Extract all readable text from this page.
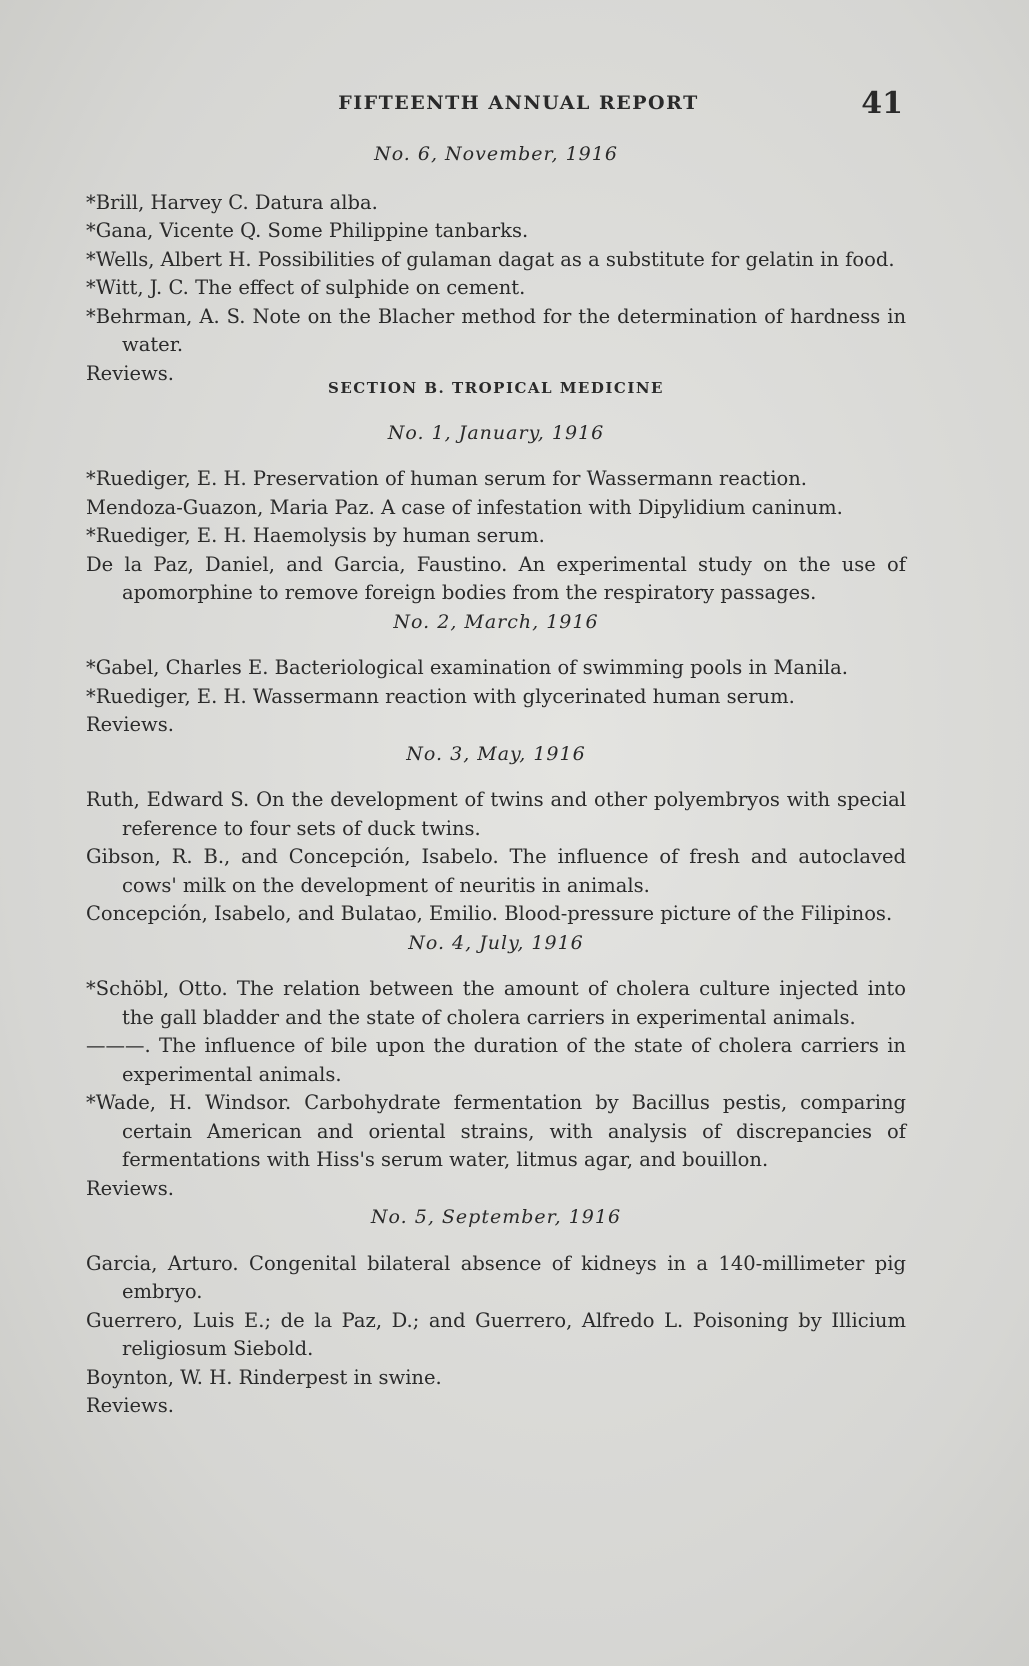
FIFTEENTH ANNUAL REPORT	41

No. 6, November, 1916

*Brill, Harvey C. Datura alba.

*Gana, Vicente Q. Some Philippine tanbarks.

*Wells, Albert H. Possibilities of gulaman dagat as a substitute for gelatin in food.

*Witt, J. C. The effect of sulphide on cement.

*Behrman, A. S. Note on the Blacher method for the determination of hardness in water.

Reviews.

SECTION B. TROPICAL MEDICINE

No. 1, January, 1916

*Ruediger, E. H. Preservation of human serum for Wassermann reaction.

Mendoza-Guazon, Maria Paz. A case of infestation with Dipylidium caninum.

*Ruediger, E. H. Haemolysis by human serum.

De la Paz, Daniel, and Garcia, Faustino. An experimental study on the use of apomorphine to remove foreign bodies from the respiratory passages.

No. 2, March, 1916

*Gabel, Charles E. Bacteriological examination of swimming pools in Manila.

*Ruediger, E. H. Wassermann reaction with glycerinated human serum.

Reviews.

No. 3, May, 1916

Ruth, Edward S. On the development of twins and other polyembryos with special reference to four sets of duck twins.

Gibson, R. B., and Concepción, Isabelo. The influence of fresh and autoclaved cows' milk on the development of neuritis in animals.

Concepción, Isabelo, and Bulatao, Emilio. Blood-pressure picture of the Filipinos.

No. 4, July, 1916

*Schöbl, Otto. The relation between the amount of cholera culture injected into the gall bladder and the state of cholera carriers in experimental animals.

———. The influence of bile upon the duration of the state of cholera carriers in experimental animals.

*Wade, H. Windsor. Carbohydrate fermentation by Bacillus pestis, comparing certain American and oriental strains, with analysis of discrepancies of fermentations with Hiss's serum water, litmus agar, and bouillon.

Reviews.

No. 5, September, 1916

Garcia, Arturo. Congenital bilateral absence of kidneys in a 140-millimeter pig embryo.

Guerrero, Luis E.; de la Paz, D.; and Guerrero, Alfredo L. Poisoning by Illicium religiosum Siebold.

Boynton, W. H. Rinderpest in swine.

Reviews.
